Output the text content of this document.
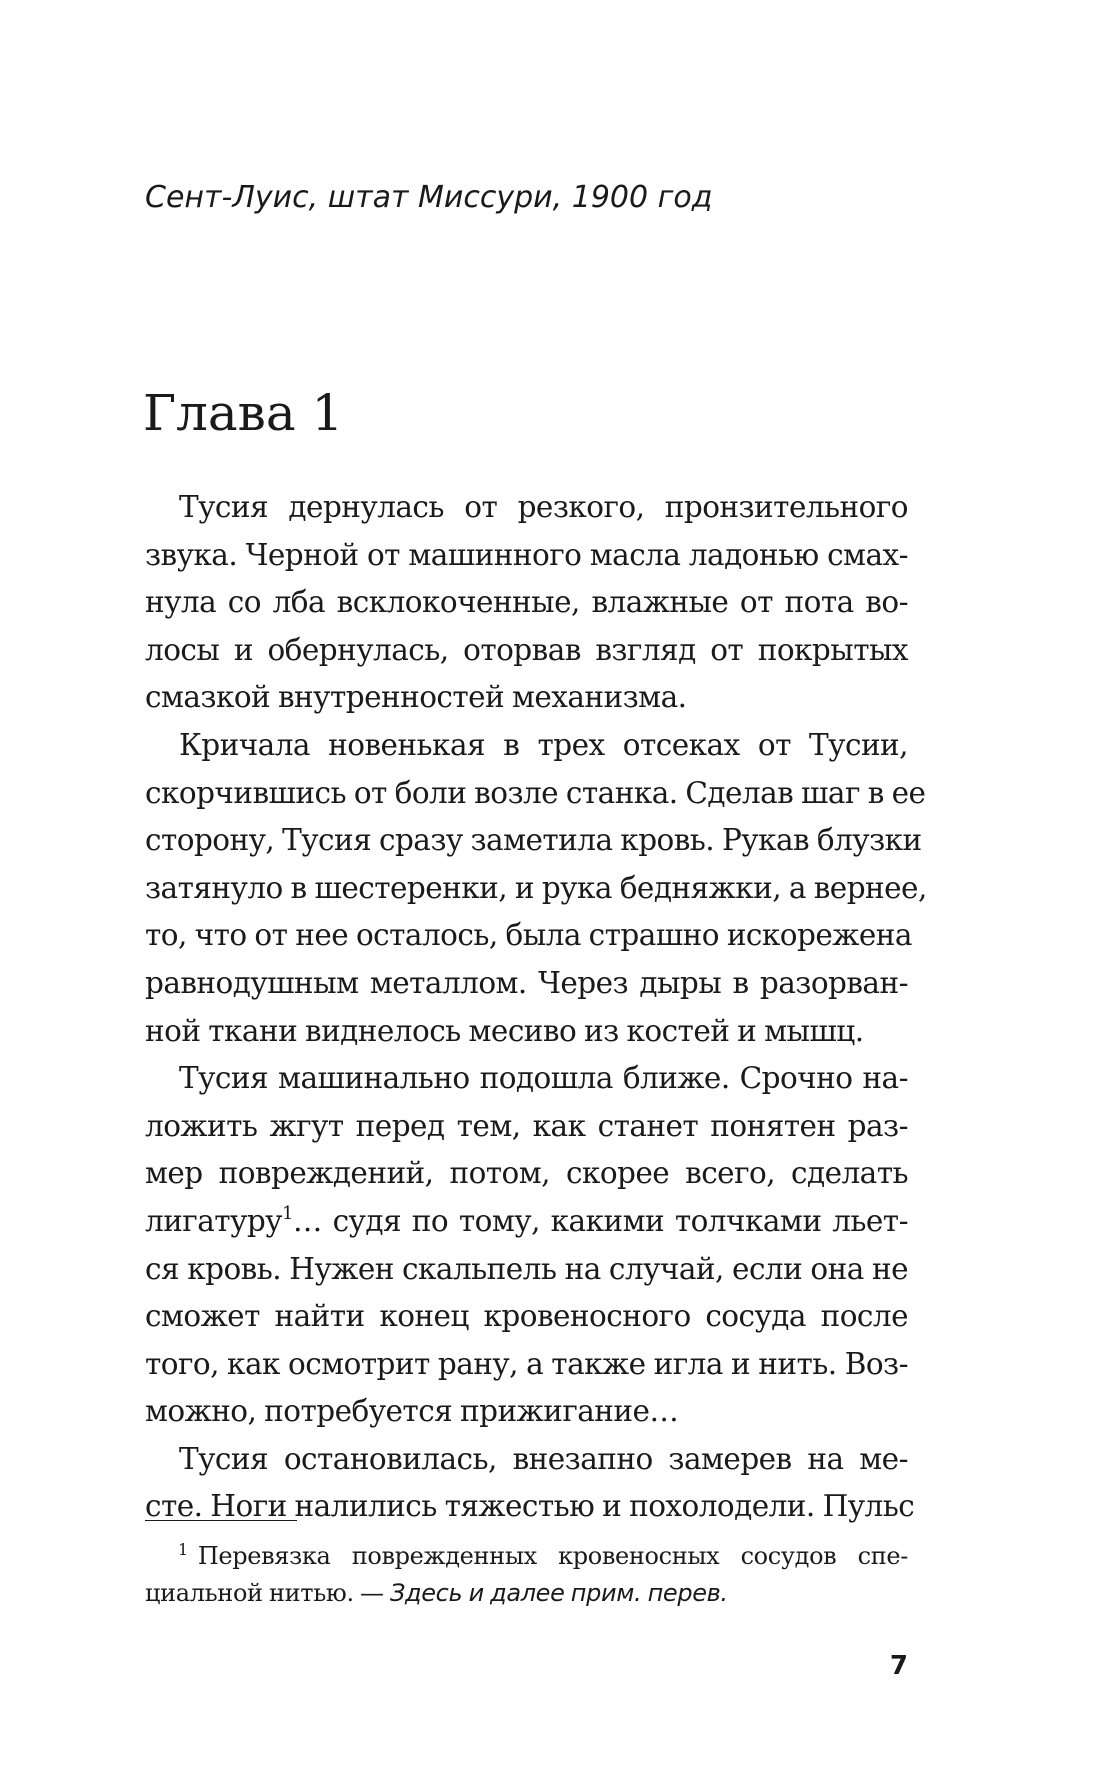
Сент-Луис, штат Миссури, 1900 год
Глава 1
Тусия дернулась от резкого, пронзительного
звука. Черной от машинного масла ладонью смах-
нула со лба всклокоченные, влажные от пота во-
лосы и обернулась, оторвав взгляд от покрытых
смазкой внутренностей механизма.
Кричала новенькая в трех отсеках от Тусии,
скорчившись от боли возле станка. Сделав шаг в ее
сторону, Тусия сразу заметила кровь. Рукав блузки
затянуло в шестеренки, и рука бедняжки, а вернее,
то, что от нее осталось, была страшно искорежена
равнодушным металлом. Через дыры в разорван-
ной ткани виднелось месиво из костей и мышц.
Тусия машинально подошла ближе. Срочно на-
ложить жгут перед тем, как станет понятен раз-
мер повреждений, потом, скорее всего, сделать
лигатуру$^1$… судя по тому, какими толчками льет-
ся кровь. Нужен скальпель на случай, если она не
сможет найти конец кровеносного сосуда после
того, как осмотрит рану, а также игла и нить. Воз-
можно, потребуется прижигание…
Тусия остановилась, внезапно замерев на ме-
сте. Ноги налились тяжестью и похолодели. Пульс
$^1$ Перевязка поврежденных кровеносных сосудов спе-
циальной нитью. — Здесь и далее прим. перев.
7
